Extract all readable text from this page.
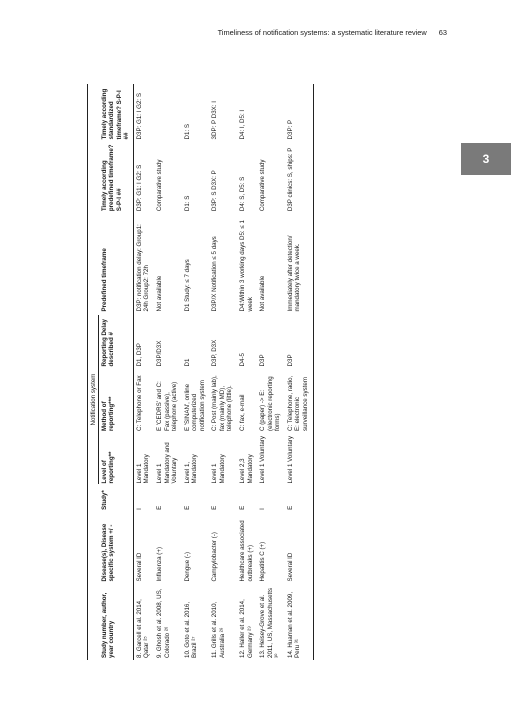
Timeliness of notification systems: a systematic literature review 63
3

			Notification system					

Study number, author, year country	Disease(s), Disease specific system +/ -	Study*	Level of reporting**	Method of reporting***	Reporting Delay described #	Predefined timeframe	Timely according predefined timeframe? S-P-I ##	Timely according standardized timeframe? S-P-I ##
8. Garcell et al. 2014, Qatar ²⁵	Several ID	I	Level 1 Mandatory	C: Telephone or Fax	D1, D3P	D3P: notification delay: Group1: 24h Group2: 72h	D3P: G1: I G2: S	D3P: G1: I G2: S
9. Ghosh et al. 2008, US, Colorado ²⁶	Influenza (+)	E	Level 1 Mandatory and Voluntary	E 'CEDRS' and C: Fax (passive), telephone (active)	D3P/D3X	Not available	Comparative study	
10. Goto et al. 2016, Brazil ²⁷	Dengue (-)	E	Level 1, Mandatory	E 'SINAN', online computerized notification system	D1	D1 Study: ≤ 7 days	D1: S	D1: S
11. Grills et al. 2010, Australia ²⁸	Campylobacter (-)	E	Level 1 Mandatory	C: Post (mainly lab), fax (mainly MD), telephone (little).	D3P, D3X	D3P/X Notification ≤ 5 days	D3P: S D3X: P	3DP: P D3X: I
12. Haller et al. 2014, Germany ²⁹	Healthcare associated outbreaks (+)	E	Level 2,3 Mandatory	C: fax, e-mail	D4-5	D4:Within 3 working days D5: ≤ 1 week	D4: S, D5: S	D4: I, D5: I
13. Heisey-Grove et al. 2011, US, Massachusetts ³⁰	Hepatitis C (+)	I	Level 1 Voluntary	C (paper) -> E: (electronic reporting forms)	D3P	Not available	Comparative study	
14. Huaman et al. 2009, Peru ³¹	Several ID	E	Level 1 Voluntary	C: Telephone, radio, E: electronic surveillance system	D3P	Immediately after detection/ mandatory twice a week.	D3P clinics: S, ships: P	D3P: P
